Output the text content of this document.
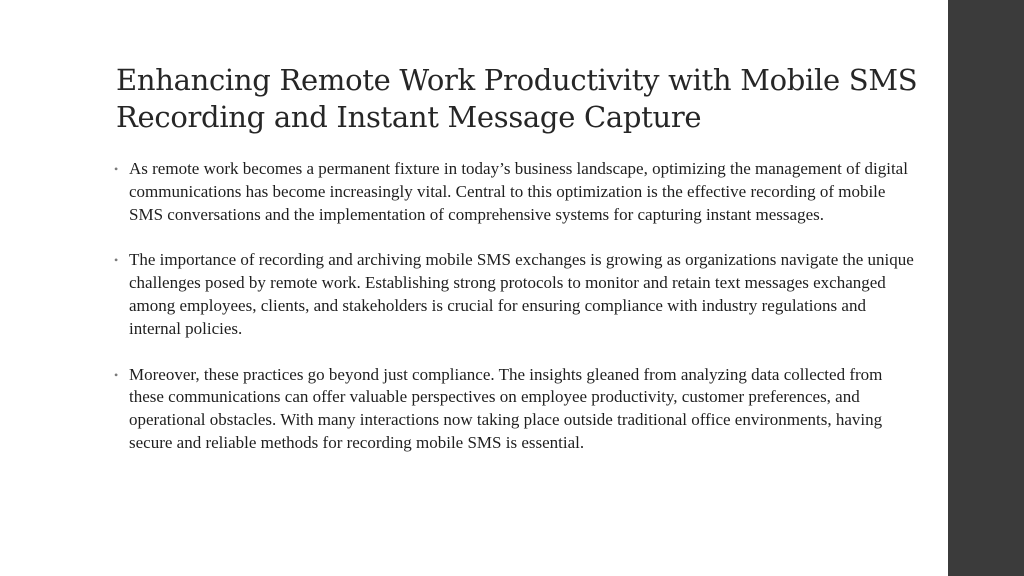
Enhancing Remote Work Productivity with Mobile SMS Recording and Instant Message Capture
• As remote work becomes a permanent fixture in today’s business landscape, optimizing the management of digital communications has become increasingly vital. Central to this optimization is the effective recording of mobile SMS conversations and the implementation of comprehensive systems for capturing instant messages.
• The importance of recording and archiving mobile SMS exchanges is growing as organizations navigate the unique challenges posed by remote work. Establishing strong protocols to monitor and retain text messages exchanged among employees, clients, and stakeholders is crucial for ensuring compliance with industry regulations and internal policies.
• Moreover, these practices go beyond just compliance. The insights gleaned from analyzing data collected from these communications can offer valuable perspectives on employee productivity, customer preferences, and operational obstacles. With many interactions now taking place outside traditional office environments, having secure and reliable methods for recording mobile SMS is essential.
